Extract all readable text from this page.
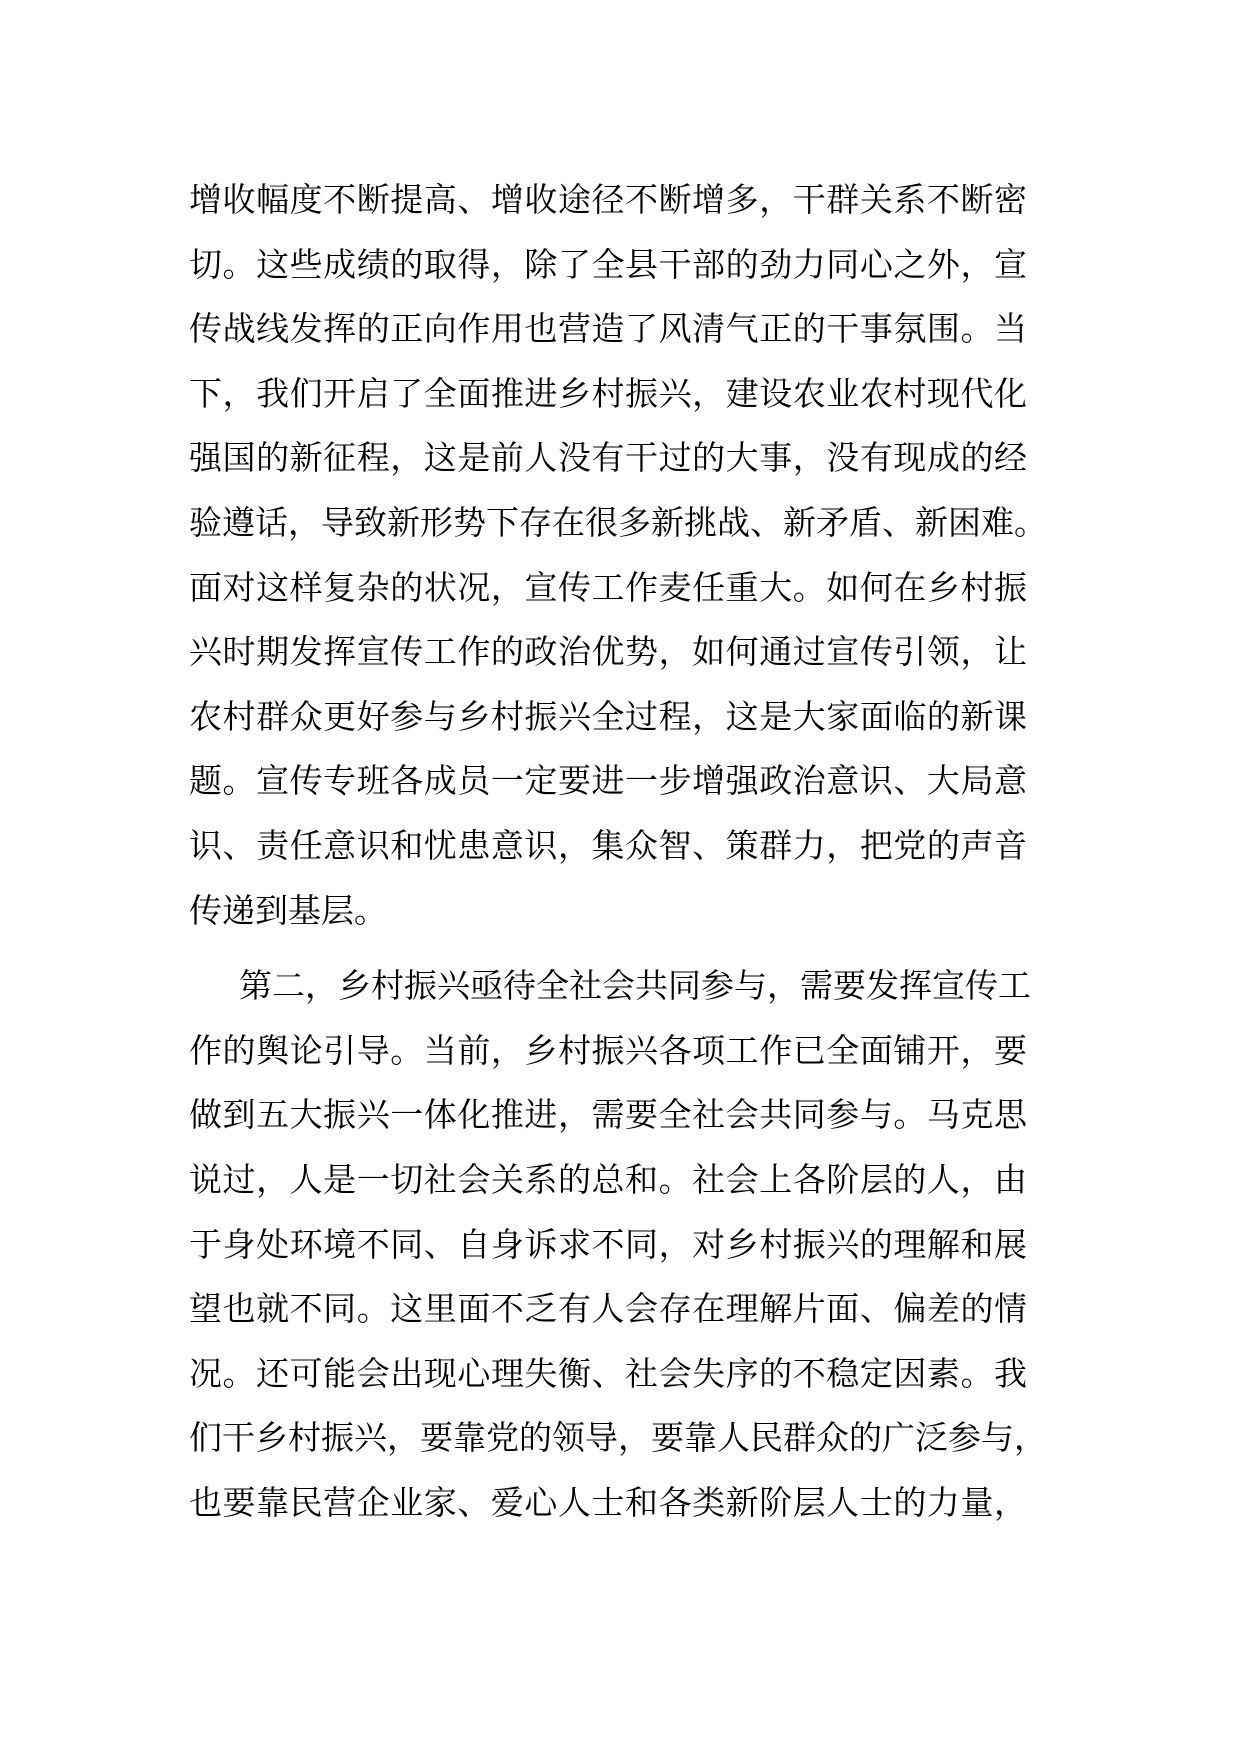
增收幅度不断提高、增收途径不断增多，干群关系不断密
切。这些成绩的取得，除了全县干部的劲力同心之外，宣
传战线发挥的正向作用也营造了风清气正的干事氛围。当
下，我们开启了全面推进乡村振兴，建设农业农村现代化
强国的新征程，这是前人没有干过的大事，没有现成的经
验遵话，导致新形势下存在很多新挑战、新矛盾、新困难。
面对这样复杂的状况，宣传工作麦任重大。如何在乡村振
兴时期发挥宣传工作的政治优势，如何通过宣传引领，让
农村群众更好参与乡村振兴全过程，这是大家面临的新课
题。宣传专班各成员一定要进一步增强政治意识、大局意
识、责任意识和忧患意识，集众智、策群力，把党的声音
传递到基层。
第二，乡村振兴亟待全社会共同参与，需要发挥宣传工
作的舆论引导。当前，乡村振兴各项工作已全面铺开，要
做到五大振兴一体化推进，需要全社会共同参与。马克思
说过，人是一切社会关系的总和。社会上各阶层的人，由
于身处环境不同、自身诉求不同，对乡村振兴的理解和展
望也就不同。这里面不乏有人会存在理解片面、偏差的情
况。还可能会出现心理失衡、社会失序的不稳定因素。我
们干乡村振兴，要靠党的领导，要靠人民群众的广泛参与，
也要靠民营企业家、爱心人士和各类新阶层人士的力量，
